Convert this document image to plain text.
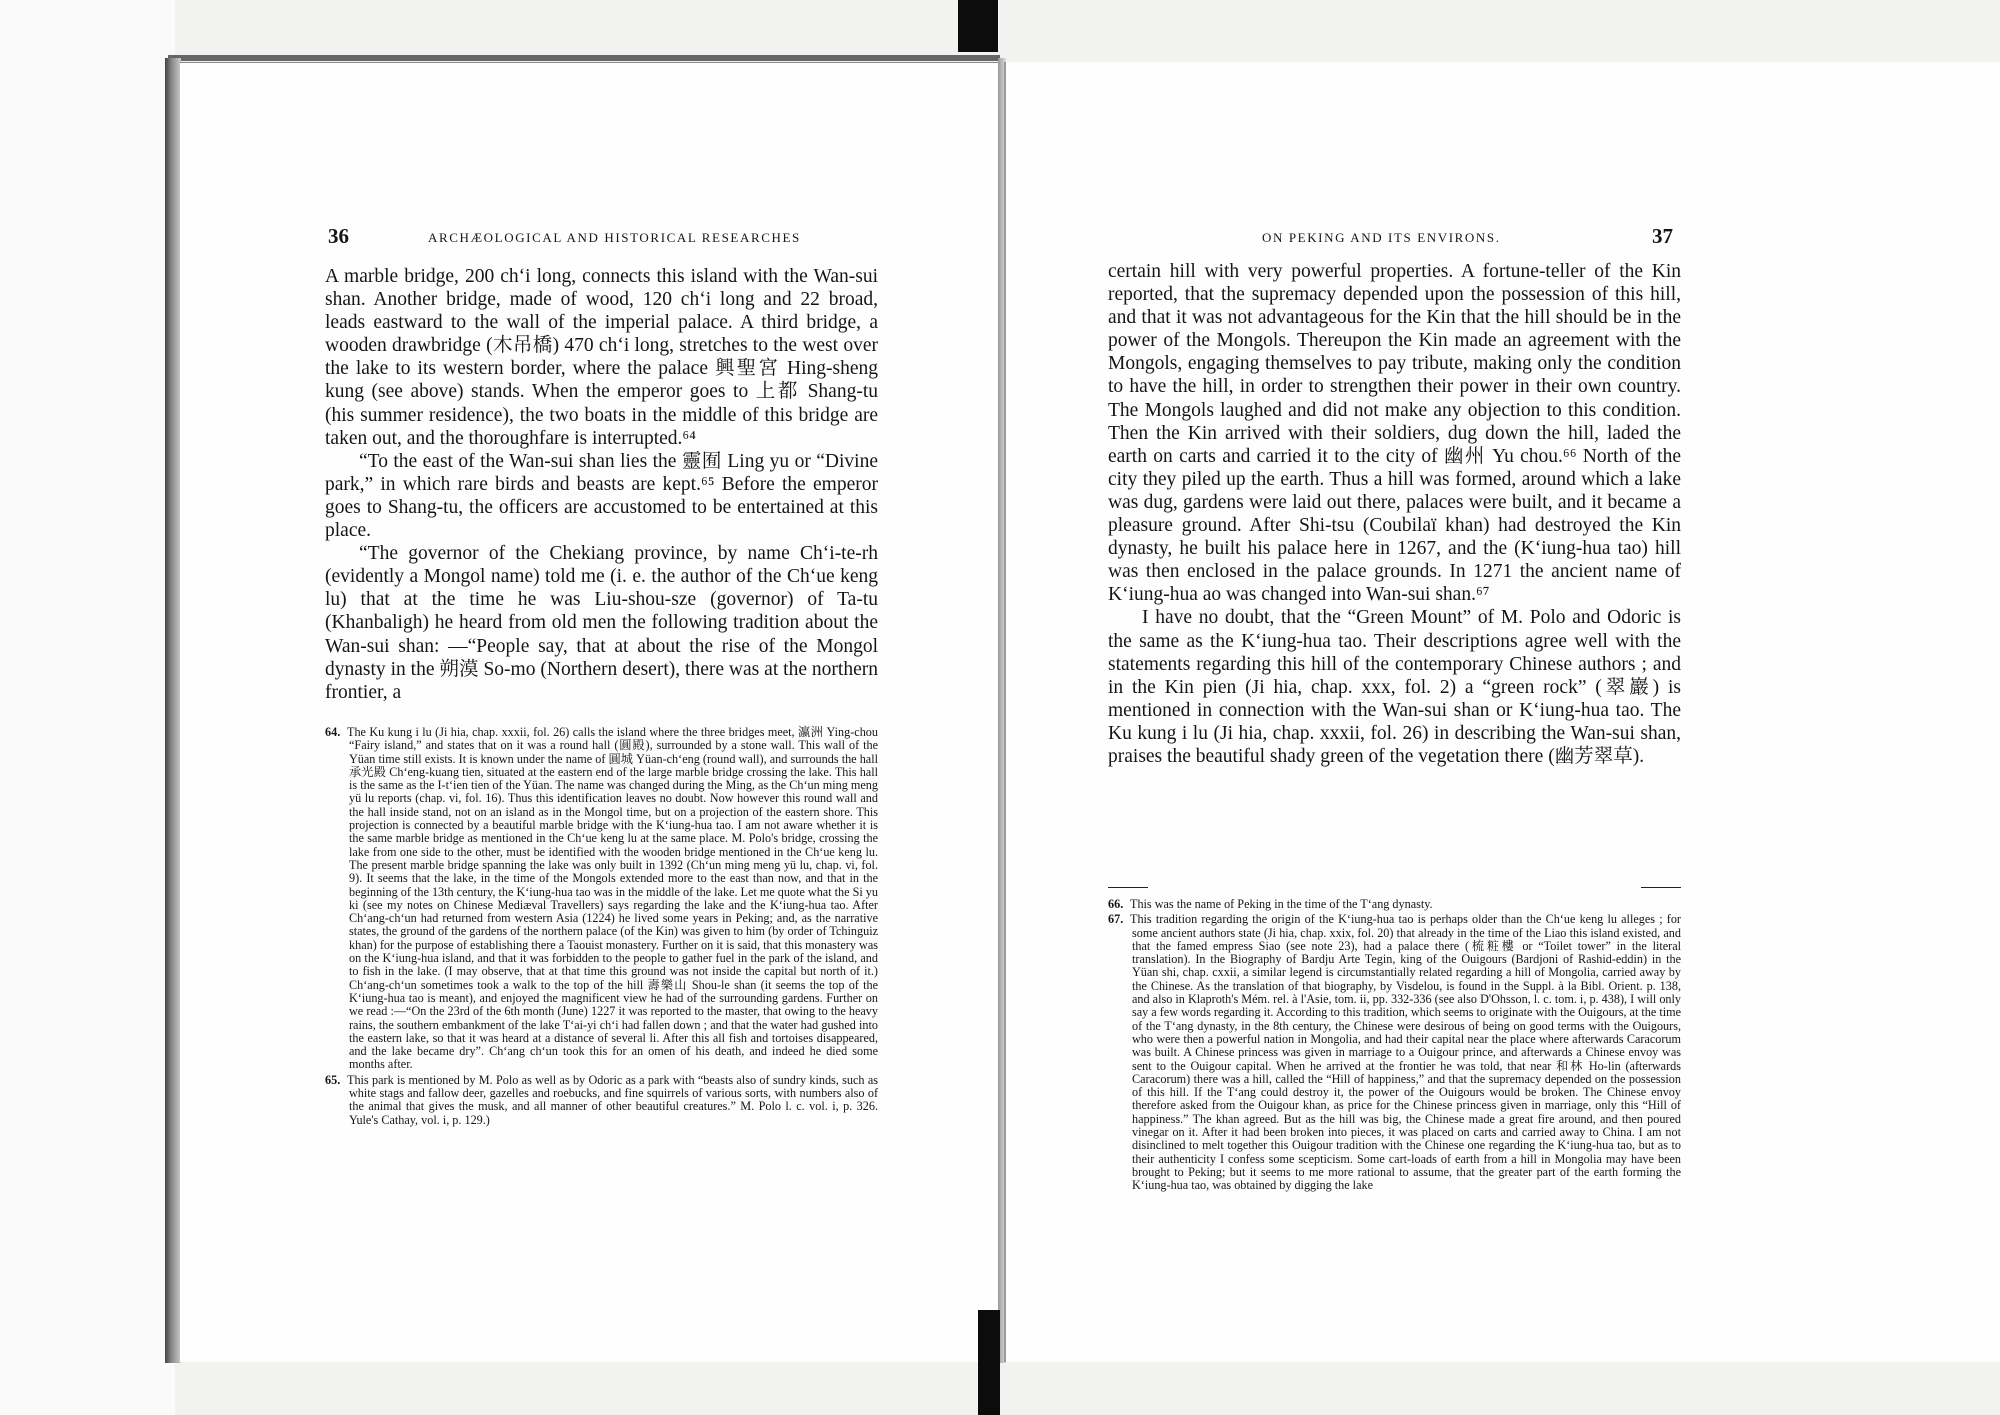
36	ARCHÆOLOGICAL AND HISTORICAL RESEARCHES

A marble bridge, 200 ch‘i long, connects this island with the Wan-sui shan. Another bridge, made of wood, 120 ch‘i long and 22 broad, leads eastward to the wall of the imperial palace. A third bridge, a wooden drawbridge (木吊橋) 470 ch‘i long, stretches to the west over the lake to its western border, where the palace 興聖宮 Hing-sheng kung (see above) stands. When the emperor goes to 上都 Shang-tu (his summer residence), the two boats in the middle of this bridge are taken out, and the thoroughfare is interrupted.⁶⁴

“To the east of the Wan-sui shan lies the 靈囿 Ling yu or “Divine park,” in which rare birds and beasts are kept.⁶⁵ Before the emperor goes to Shang-tu, the officers are accustomed to be entertained at this place.

“The governor of the Chekiang province, by name Ch‘i-te-rh (evidently a Mongol name) told me (i. e. the author of the Ch‘ue keng lu) that at the time he was Liu-shou-sze (governor) of Ta-tu (Khanbaligh) he heard from old men the following tradition about the Wan-sui shan: —“People say, that at about the rise of the Mongol dynasty in the 朔漠 So-mo (Northern desert), there was at the northern frontier, a

64. The Ku kung i lu (Ji hia, chap. xxxii, fol. 26) calls the island where the three bridges meet, 瀛洲 Ying-chou “Fairy island,” and states that on it was a round hall (圓殿), surrounded by a stone wall. This wall of the Yüan time still exists. It is known under the name of 圓城 Yüan-ch‘eng (round wall), and surrounds the hall 承光殿 Ch‘eng-kuang tien, situated at the eastern end of the large marble bridge crossing the lake. This hall is the same as the I-t‘ien tien of the Yüan. The name was changed during the Ming, as the Ch‘un ming meng yü lu reports (chap. vi, fol. 16). Thus this identification leaves no doubt. Now however this round wall and the hall inside stand, not on an island as in the Mongol time, but on a projection of the eastern shore. This projection is connected by a beautiful marble bridge with the K‘iung-hua tao. I am not aware whether it is the same marble bridge as mentioned in the Ch‘ue keng lu at the same place. M. Polo's bridge, crossing the lake from one side to the other, must be identified with the wooden bridge mentioned in the Ch‘ue keng lu. The present marble bridge spanning the lake was only built in 1392 (Ch‘un ming meng yü lu, chap. vi, fol. 9). It seems that the lake, in the time of the Mongols extended more to the east than now, and that in the beginning of the 13th century, the K‘iung-hua tao was in the middle of the lake. Let me quote what the Si yu ki (see my notes on Chinese Mediæval Travellers) says regarding the lake and the K‘iung-hua tao. After Ch‘ang-ch‘un had returned from western Asia (1224) he lived some years in Peking; and, as the narrative states, the ground of the gardens of the northern palace (of the Kin) was given to him (by order of Tchinguiz khan) for the purpose of establishing there a Taouist monastery. Further on it is said, that this monastery was on the K‘iung-hua island, and that it was forbidden to the people to gather fuel in the park of the island, and to fish in the lake. (I may observe, that at that time this ground was not inside the capital but north of it.) Ch‘ang-ch‘un sometimes took a walk to the top of the hill 壽樂山 Shou-le shan (it seems the top of the K‘iung-hua tao is meant), and enjoyed the magnificent view he had of the surrounding gardens. Further on we read :—“On the 23rd of the 6th month (June) 1227 it was reported to the master, that owing to the heavy rains, the southern embankment of the lake T‘ai-yi ch‘i had fallen down ; and that the water had gushed into the eastern lake, so that it was heard at a distance of several li. After this all fish and tortoises disappeared, and the lake became dry”. Ch‘ang ch‘un took this for an omen of his death, and indeed he died some months after.

65. This park is mentioned by M. Polo as well as by Odoric as a park with “beasts also of sundry kinds, such as white stags and fallow deer, gazelles and roebucks, and fine squirrels of various sorts, with numbers also of the animal that gives the musk, and all manner of other beautiful creatures.” M. Polo l. c. vol. i, p. 326. Yule's Cathay, vol. i, p. 129.)

ON PEKING AND ITS ENVIRONS.	37

certain hill with very powerful properties. A fortune-teller of the Kin reported, that the supremacy depended upon the possession of this hill, and that it was not advantageous for the Kin that the hill should be in the power of the Mongols. Thereupon the Kin made an agreement with the Mongols, engaging themselves to pay tribute, making only the condition to have the hill, in order to strengthen their power in their own country. The Mongols laughed and did not make any objection to this condition. Then the Kin arrived with their soldiers, dug down the hill, laded the earth on carts and carried it to the city of 幽州 Yu chou.⁶⁶ North of the city they piled up the earth. Thus a hill was formed, around which a lake was dug, gardens were laid out there, palaces were built, and it became a pleasure ground. After Shi-tsu (Coubilaï khan) had destroyed the Kin dynasty, he built his palace here in 1267, and the (K‘iung-hua tao) hill was then enclosed in the palace grounds. In 1271 the ancient name of K‘iung-hua ao was changed into Wan-sui shan.⁶⁷

I have no doubt, that the “Green Mount” of M. Polo and Odoric is the same as the K‘iung-hua tao. Their descriptions agree well with the statements regarding this hill of the contemporary Chinese authors ; and in the Kin pien (Ji hia, chap. xxx, fol. 2) a “green rock” (翠巖) is mentioned in connection with the Wan-sui shan or K‘iung-hua tao. The Ku kung i lu (Ji hia, chap. xxxii, fol. 26) in describing the Wan-sui shan, praises the beautiful shady green of the vegetation there (幽芳翠草).

66. This was the name of Peking in the time of the T‘ang dynasty.

67. This tradition regarding the origin of the K‘iung-hua tao is perhaps older than the Ch‘ue keng lu alleges ; for some ancient authors state (Ji hia, chap. xxix, fol. 20) that already in the time of the Liao this island existed, and that the famed empress Siao (see note 23), had a palace there (梳粧樓 or “Toilet tower” in the literal translation). In the Biography of Bardju Arte Tegin, king of the Ouigours (Bardjoni of Rashid-eddin) in the Yüan shi, chap. cxxii, a similar legend is circumstantially related regarding a hill of Mongolia, carried away by the Chinese. As the translation of that biography, by Visdelou, is found in the Suppl. à la Bibl. Orient. p. 138, and also in Klaproth's Mém. rel. à l'Asie, tom. ii, pp. 332-336 (see also D'Ohsson, l. c. tom. i, p. 438), I will only say a few words regarding it. According to this tradition, which seems to originate with the Ouigours, at the time of the T‘ang dynasty, in the 8th century, the Chinese were desirous of being on good terms with the Ouigours, who were then a powerful nation in Mongolia, and had their capital near the place where afterwards Caracorum was built. A Chinese princess was given in marriage to a Ouigour prince, and afterwards a Chinese envoy was sent to the Ouigour capital. When he arrived at the frontier he was told, that near 和林 Ho-lin (afterwards Caracorum) there was a hill, called the “Hill of happiness,” and that the supremacy depended on the possession of this hill. If the T‘ang could destroy it, the power of the Ouigours would be broken. The Chinese envoy therefore asked from the Ouigour khan, as price for the Chinese princess given in marriage, only this “Hill of happiness.” The khan agreed. But as the hill was big, the Chinese made a great fire around, and then poured vinegar on it. After it had been broken into pieces, it was placed on carts and carried away to China. I am not disinclined to melt together this Ouigour tradition with the Chinese one regarding the K‘iung-hua tao, but as to their authenticity I confess some scepticism. Some cart-loads of earth from a hill in Mongolia may have been brought to Peking; but it seems to me more rational to assume, that the greater part of the earth forming the K‘iung-hua tao, was obtained by digging the lake
